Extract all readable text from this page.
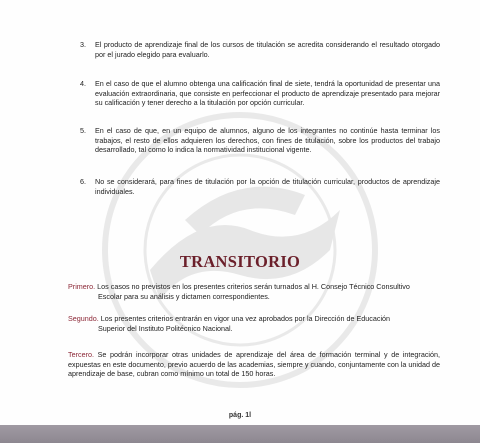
3. El producto de aprendizaje final de los cursos de titulación se acredita considerando el resultado otorgado por el jurado elegido para evaluarlo.
4. En el caso de que el alumno obtenga una calificación final de siete, tendrá la oportunidad de presentar una evaluación extraordinaria, que consiste en perfeccionar el producto de aprendizaje presentado para mejorar su calificación y tener derecho a la titulación por opción curricular.
5. En el caso de que, en un equipo de alumnos, alguno de los integrantes no continúe hasta terminar los trabajos, el resto de ellos adquieren los derechos, con fines de titulación, sobre los productos del trabajo desarrollado, tal como lo indica la normatividad institucional vigente.
6. No se considerará, para fines de titulación por la opción de titulación curricular, productos de aprendizaje individuales.
TRANSITORIO
Primero. Los casos no previstos en los presentes criterios serán turnados al H. Consejo Técnico Consultivo
Escolar para su análisis y dictamen correspondientes.
Segundo. Los presentes criterios entrarán en vigor una vez aprobados por la Dirección de Educación
Superior del Instituto Politécnico Nacional.
Tercero. Se podrán incorporar otras unidades de aprendizaje del área de formación terminal y de integración, expuestas en este documento, previo acuerdo de las academias, siempre y cuando, conjuntamente con la unidad de aprendizaje de base, cubran como mínimo un total de 150 horas.
pág. 1l
